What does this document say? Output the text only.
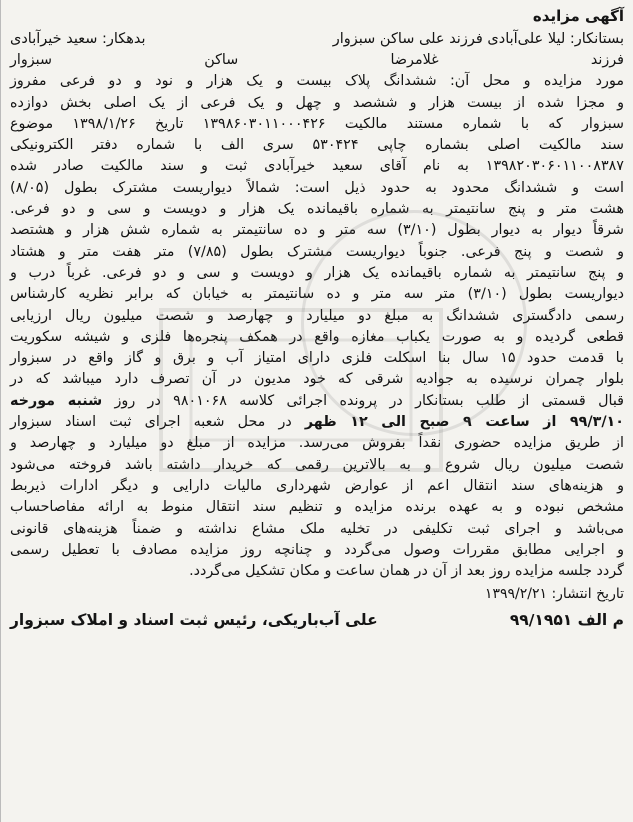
آگهی مزایده
بستانکار: لیلا علی‌آبادی فرزند علی ساکن سبزوار
بدهکار: سعید خیرآبادی
فرزند غلامرضا ساکن سبزوار
مورد مزایده و محل آن: ششدانگ پلاک بیست و یک هزار و نود و دو فرعی مفروز
و مجزا شده از بیست هزار و ششصد و چهل و یک فرعی از یک اصلی بخش دوازده
سبزوار که با شماره مستند مالکیت ۱۳۹۸۶۰۳۰۱۱۰۰۰۴۲۶ تاریخ ۱۳۹۸/۱/۲۶ موضوع
سند مالکیت اصلی بشماره چاپی ۵۳۰۴۲۴ سری الف با شماره دفتر الکترونیکی
۱۳۹۸۲۰۳۰۶۰۱۱۰۰۸۳۸۷ به نام آقای سعید خیرآبادی ثبت و سند مالکیت صادر شده
است و ششدانگ محدود به حدود ذیل است: شمالاً دیواریست مشترک بطول (۸/۰۵)
هشت متر و پنج سانتیمتر به شماره باقیمانده یک هزار و دویست و سی و دو فرعی.
شرقاً دیوار به دیوار بطول (۳/۱۰) سه متر و ده سانتیمتر به شماره شش هزار و هشتصد
و شصت و پنج فرعی. جنوباً دیواریست مشترک بطول (۷/۸۵) متر هفت متر و هشتاد
و پنج سانتیمتر به شماره باقیمانده یک هزار و دویست و سی و دو فرعی. غرباً درب و
دیواریست بطول (۳/۱۰) متر سه متر و ده سانتیمتر به خیابان که برابر نظریه کارشناس
رسمی دادگستری ششدانگ به مبلغ دو میلیارد و چهارصد و شصت میلیون ریال ارزیابی
قطعی گردیده و به صورت یکباب مغازه واقع در همکف پنجره‌ها فلزی و شیشه سکوریت
با قدمت حدود ۱۵ سال بنا اسکلت فلزی دارای امتیاز آب و برق و گاز واقع در سبزوار
بلوار چمران نرسیده به جوادیه شرقی که خود مدیون در آن تصرف دارد میباشد که در
قبال قسمتی از طلب بستانکار در پرونده اجرائی کلاسه ۹۸۰۱۰۶۸ در روز شنبه مورخه
۹۹/۳/۱۰ از ساعت ۹ صبح الی ۱۲ ظهر در محل شعبه اجرای ثبت اسناد سبزوار
از طریق مزایده حضوری نقداً بفروش می‌رسد. مزایده از مبلغ دو میلیارد و چهارصد و
شصت میلیون ریال شروع و به بالاترین رقمی که خریدار داشته باشد فروخته می‌شود
و هزینه‌های سند انتقال اعم از عوارض شهرداری مالیات دارایی و دیگر ادارات ذیربط
مشخص نبوده و به عهده برنده مزایده و تنظیم سند انتقال منوط به ارائه مفاصاحساب
می‌باشد و اجرای ثبت تکلیفی در تخلیه ملک مشاع نداشته و ضمناً هزینه‌های قانونی
و اجرایی مطابق مقررات وصول می‌گردد و چنانچه روز مزایده مصادف با تعطیل رسمی
گردد جلسه مزایده روز بعد از آن در همان ساعت و مکان تشکیل می‌گردد.
تاریخ انتشار: ۱۳۹۹/۲/۲۱
م الف ۹۹/۱۹۵۱
علی آب‌باریکی، رئیس ثبت اسناد و املاک سبزوار
